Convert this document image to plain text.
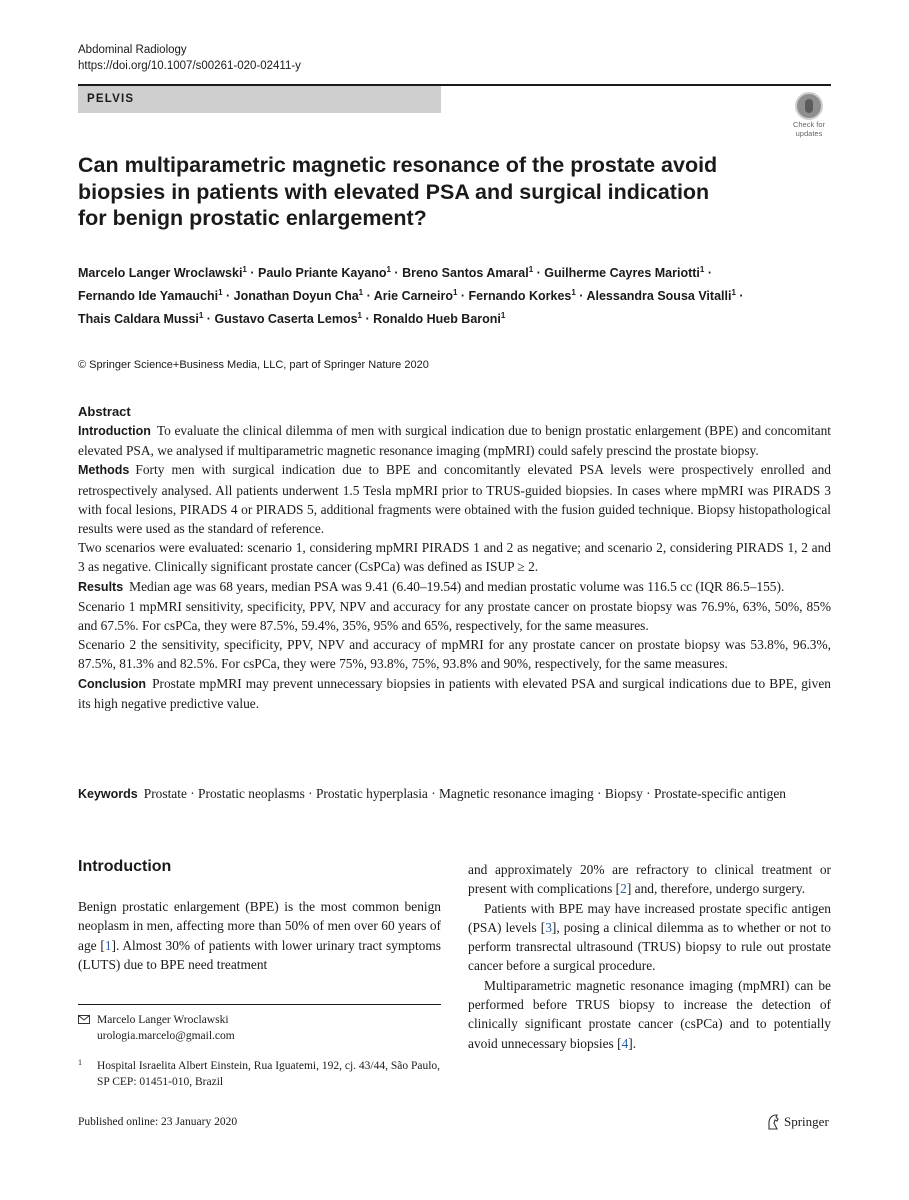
Abdominal Radiology
https://doi.org/10.1007/s00261-020-02411-y
PELVIS
Check for
updates
Can multiparametric magnetic resonance of the prostate avoid biopsies in patients with elevated PSA and surgical indication for benign prostatic enlargement?
Marcelo Langer Wroclawski$^1$ · Paulo Priante Kayano$^1$ · Breno Santos Amaral$^1$ · Guilherme Cayres Mariotti$^1$ ·
Fernando Ide Yamauchi$^1$ · Jonathan Doyun Cha$^1$ · Arie Carneiro$^1$ · Fernando Korkes$^1$ · Alessandra Sousa Vitalli$^1$ ·
Thais Caldara Mussi$^1$ · Gustavo Caserta Lemos$^1$ · Ronaldo Hueb Baroni$^1$
© Springer Science+Business Media, LLC, part of Springer Nature 2020
Abstract

Introduction To evaluate the clinical dilemma of men with surgical indication due to benign prostatic enlargement (BPE) and concomitant elevated PSA, we analysed if multiparametric magnetic resonance imaging (mpMRI) could safely prescind the prostate biopsy.

Methods Forty men with surgical indication due to BPE and concomitantly elevated PSA levels were prospectively enrolled and retrospectively analysed. All patients underwent 1.5 Tesla mpMRI prior to TRUS-guided biopsies. In cases where mpMRI was PIRADS 3 with focal lesions, PIRADS 4 or PIRADS 5, additional fragments were obtained with the fusion guided technique. Biopsy histopathological results were used as the standard of reference.

Two scenarios were evaluated: scenario 1, considering mpMRI PIRADS 1 and 2 as negative; and scenario 2, considering PIRADS 1, 2 and 3 as negative. Clinically significant prostate cancer (CsPCa) was defined as ISUP ≥ 2.

Results Median age was 68 years, median PSA was 9.41 (6.40–19.54) and median prostatic volume was 116.5 cc (IQR 86.5–155).

Scenario 1 mpMRI sensitivity, specificity, PPV, NPV and accuracy for any prostate cancer on prostate biopsy was 76.9%, 63%, 50%, 85% and 67.5%. For csPCa, they were 87.5%, 59.4%, 35%, 95% and 65%, respectively, for the same measures.

Scenario 2 the sensitivity, specificity, PPV, NPV and accuracy of mpMRI for any prostate cancer on prostate biopsy was 53.8%, 96.3%, 87.5%, 81.3% and 82.5%. For csPCa, they were 75%, 93.8%, 75%, 93.8% and 90%, respectively, for the same measures.

Conclusion Prostate mpMRI may prevent unnecessary biopsies in patients with elevated PSA and surgical indications due to BPE, given its high negative predictive value.

Keywords Prostate · Prostatic neoplasms · Prostatic hyperplasia · Magnetic resonance imaging · Biopsy · Prostate-specific antigen
Introduction
Benign prostatic enlargement (BPE) is the most common benign neoplasm in men, affecting more than 50% of men over 60 years of age [1]. Almost 30% of patients with lower urinary tract symptoms (LUTS) due to BPE need treatment

and approximately 20% are refractory to clinical treatment or present with complications [2] and, therefore, undergo surgery.

Patients with BPE may have increased prostate specific antigen (PSA) levels [3], posing a clinical dilemma as to whether or not to perform transrectal ultrasound (TRUS) biopsy to rule out prostate cancer before a surgical procedure.

Multiparametric magnetic resonance imaging (mpMRI) can be performed before TRUS biopsy to increase the detection of clinically significant prostate cancer (csPCa) and to potentially avoid unnecessary biopsies [4].

Marcelo Langer Wroclawski
urologia.marcelo@gmail.com
1 Hospital Israelita Albert Einstein, Rua Iguatemi, 192, cj. 43/44, São Paulo, SP CEP: 01451-010, Brazil
Published online: 23 January 2020	Springer
